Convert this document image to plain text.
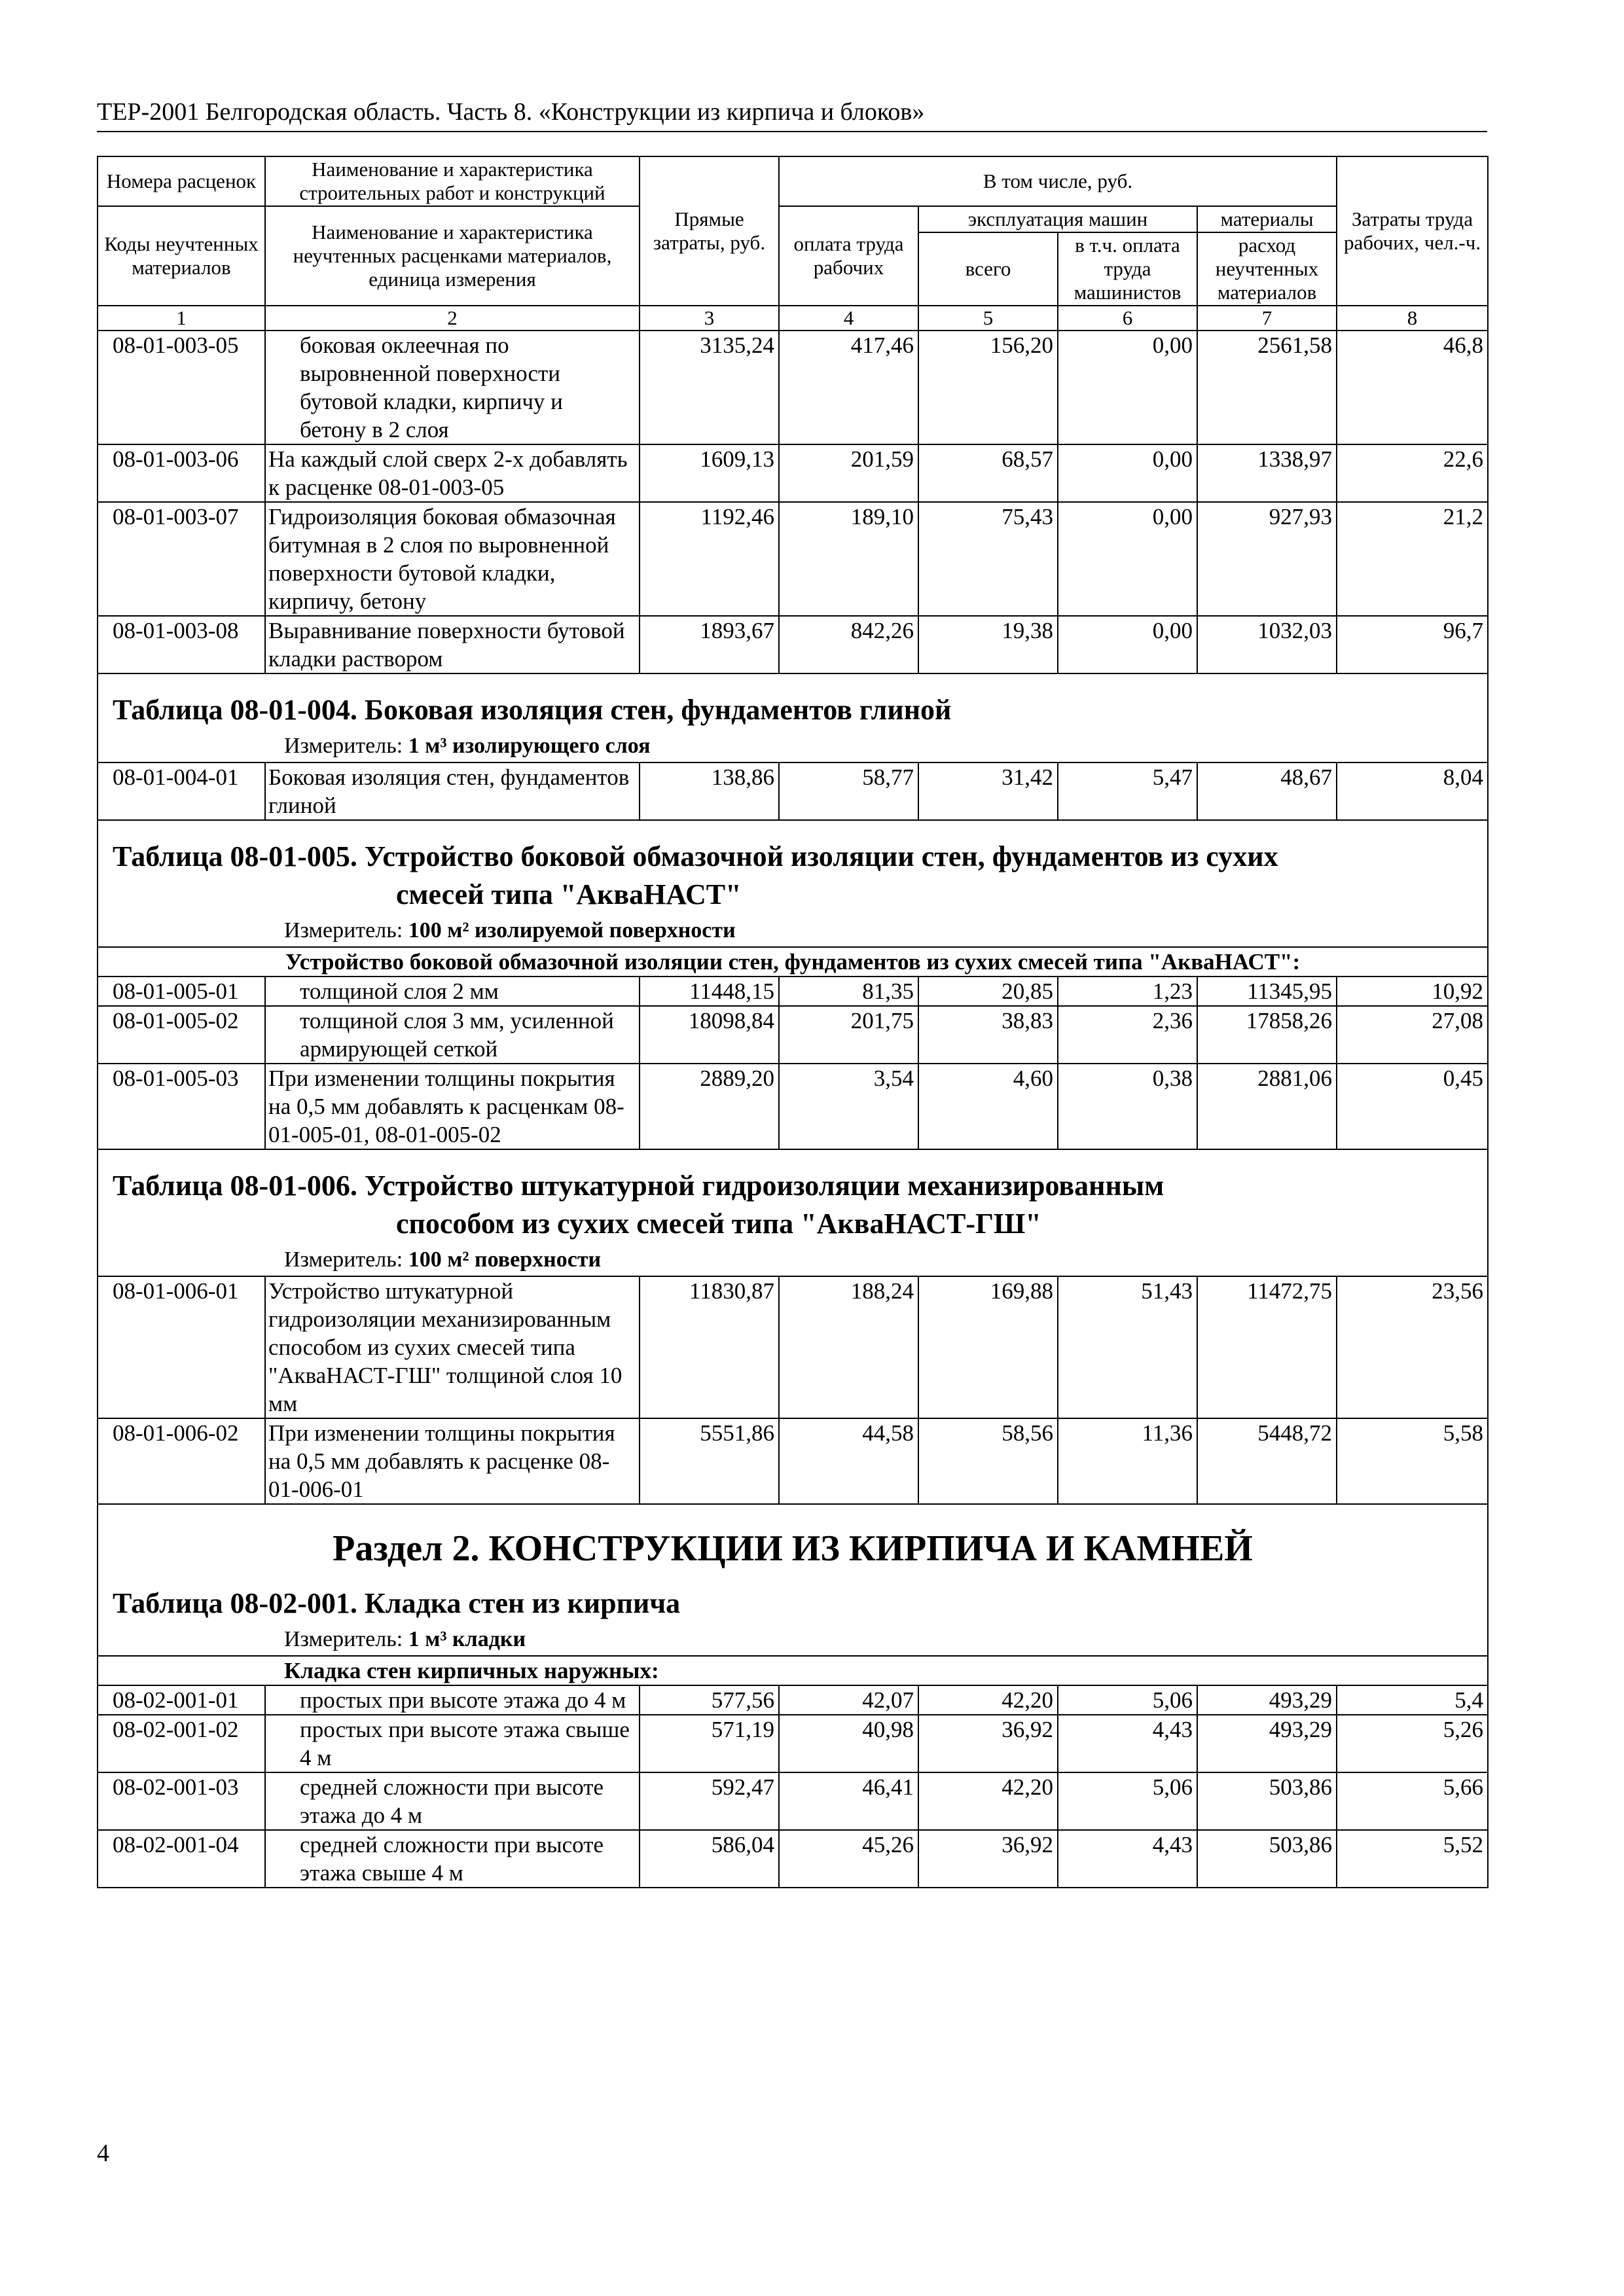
ТЕР-2001 Белгородская область. Часть 8. «Конструкции из кирпича и блоков»
Номера расценок	Наименование и характеристика строительных работ и конструкций	Прямые затраты, руб.	В том числе, руб.				Затраты труда рабочих, чел.-ч.
Коды неучтенных материалов	Наименование и характеристика неучтенных расценками материалов, единица измерения		оплата труда рабочих	эксплуатация машин		материалы	
				всего	в т.ч. оплата труда машинистов	расход неучтенных материалов	
1	2	3	4	5	6	7	8
08-01-003-05	боковая оклеечная по выровненной поверхности бутовой кладки, кирпичу и бетону в 2 слоя	3135,24	417,46	156,20	0,00	2561,58	46,8
08-01-003-06	На каждый слой сверх 2-х добавлять к расценке 08-01-003-05	1609,13	201,59	68,57	0,00	1338,97	22,6
08-01-003-07	Гидроизоляция боковая обмазочная битумная в 2 слоя по выровненной поверхности бутовой кладки, кирпичу, бетону	1192,46	189,10	75,43	0,00	927,93	21,2
08-01-003-08	Выравнивание поверхности бутовой кладки раствором	1893,67	842,26	19,38	0,00	1032,03	96,7

Таблица 08-01-004. Боковая изоляция стен, фундаментов глиной
Измеритель: 1 м³ изолирующего слоя							

08-01-004-01	Боковая изоляция стен, фундаментов глиной	138,86	58,77	31,42	5,47	48,67	8,04

Таблица 08-01-005. Устройство боковой обмазочной изоляции стен, фундаментов из сухих
смесей типа "АкваНАСТ"
Измеритель: 100 м² изолируемой поверхности							

Устройство боковой обмазочной изоляции стен, фундаментов из сухих смесей типа "АкваНАСТ":							
08-01-005-01	толщиной слоя 2 мм	11448,15	81,35	20,85	1,23	11345,95	10,92
08-01-005-02	толщиной слоя 3 мм, усиленной армирующей сеткой	18098,84	201,75	38,83	2,36	17858,26	27,08
08-01-005-03	При изменении толщины покрытия на 0,5 мм добавлять к расценкам 08-01-005-01, 08-01-005-02	2889,20	3,54	4,60	0,38	2881,06	0,45

Таблица 08-01-006. Устройство штукатурной гидроизоляции механизированным
способом из сухих смесей типа "АкваНАСТ-ГШ"
Измеритель: 100 м² поверхности							

08-01-006-01	Устройство штукатурной гидроизоляции механизированным способом из сухих смесей типа "АкваНАСТ-ГШ" толщиной слоя 10 мм	11830,87	188,24	169,88	51,43	11472,75	23,56
08-01-006-02	При изменении толщины покрытия на 0,5 мм добавлять к расценке 08-01-006-01	5551,86	44,58	58,56	11,36	5448,72	5,58

Раздел 2. КОНСТРУКЦИИ ИЗ КИРПИЧА И КАМНЕЙ
Таблица 08-02-001. Кладка стен из кирпича
Измеритель: 1 м³ кладки							

Кладка стен кирпичных наружных:							
08-02-001-01	простых при высоте этажа до 4 м	577,56	42,07	42,20	5,06	493,29	5,4
08-02-001-02	простых при высоте этажа свыше 4 м	571,19	40,98	36,92	4,43	493,29	5,26
08-02-001-03	средней сложности при высоте этажа до 4 м	592,47	46,41	42,20	5,06	503,86	5,66
08-02-001-04	средней сложности при высоте этажа свыше 4 м	586,04	45,26	36,92	4,43	503,86	5,52
4
